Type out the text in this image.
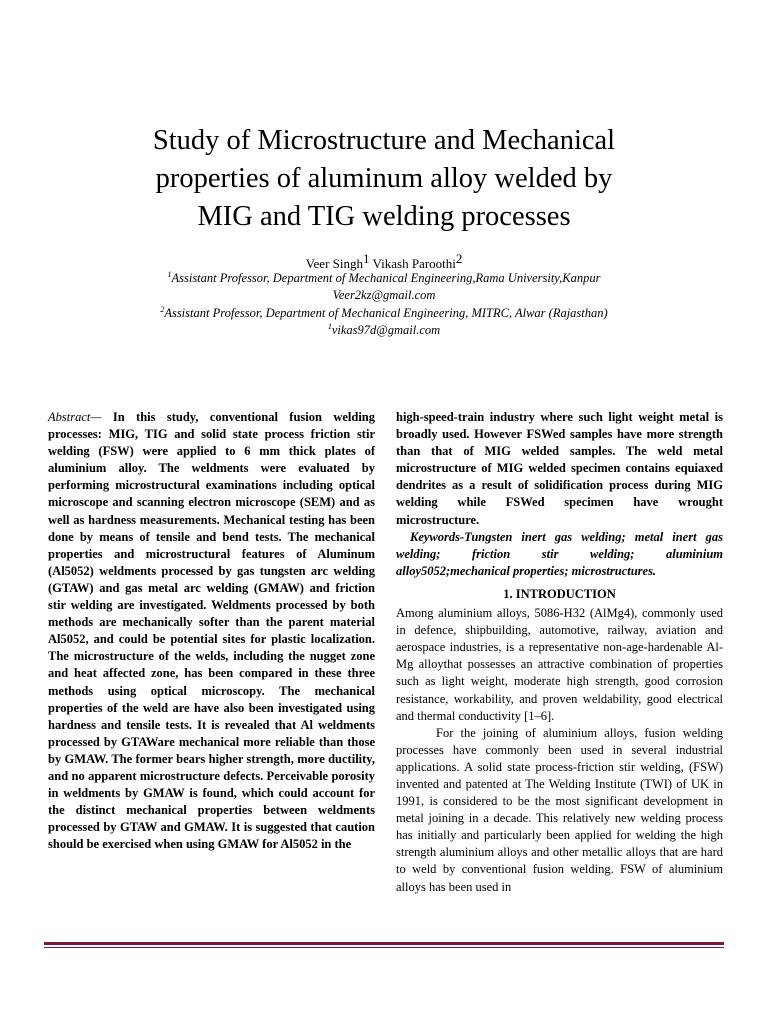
Study of Microstructure and Mechanical
properties of aluminum alloy welded by
MIG and TIG welding processes
Veer Singh1 Vikash Paroothi2
$^1$Assistant Professor, Department of Mechanical Engineering,Rama University,Kanpur
Veer2kz@gmail.com
$^2$Assistant Professor, Department of Mechanical Engineering, MITRC, Alwar (Rajasthan)
$^1$vikas97d@gmail.com

Abstract— In this study, conventional fusion welding processes: MIG, TIG and solid state process friction stir welding (FSW) were applied to 6 mm thick plates of aluminium alloy. The weldments were evaluated by performing microstructural examinations including optical microscope and scanning electron microscope (SEM) and as well as hardness measurements. Mechanical testing has been done by means of tensile and bend tests. The mechanical properties and microstructural features of Aluminum (Al5052) weldments processed by gas tungsten arc welding (GTAW) and gas metal arc welding (GMAW) and friction stir welding are investigated. Weldments processed by both methods are mechanically softer than the parent material Al5052, and could be potential sites for plastic localization. The microstructure of the welds, including the nugget zone and heat affected zone, has been compared in these three methods using optical microscopy. The mechanical properties of the weld are have also been investigated using hardness and tensile tests. It is revealed that Al weldments processed by GTAWare mechanical more reliable than those by GMAW. The former bears higher strength, more ductility, and no apparent microstructure defects. Perceivable porosity in weldments by GMAW is found, which could account for the distinct mechanical properties between weldments processed by GTAW and GMAW. It is suggested that caution should be exercised when using GMAW for Al5052 in the

high-speed-train industry where such light weight metal is broadly used. However FSWed samples have more strength than that of MIG welded samples. The weld metal microstructure of MIG welded specimen contains equiaxed dendrites as a result of solidification process during MIG welding while FSWed specimen have wrought microstructure.

Keywords-Tungsten inert gas welding; metal inert gas welding; friction stir welding; aluminium alloy5052;mechanical properties; microstructures.

1. INTRODUCTION

Among aluminium alloys, 5086-H32 (AlMg4), commonly used in defence, shipbuilding, automotive, railway, aviation and aerospace industries, is a representative non-age-hardenable Al-Mg alloythat possesses an attractive combination of properties such as light weight, moderate high strength, good corrosion resistance, workability, and proven weldability, good electrical and thermal conductivity [1–6].

For the joining of aluminium alloys, fusion welding processes have commonly been used in several industrial applications. A solid state process-friction stir welding, (FSW) invented and patented at The Welding Institute (TWI) of UK in 1991, is considered to be the most significant development in metal joining in a decade. This relatively new welding process has initially and particularly been applied for welding the high strength aluminium alloys and other metallic alloys that are hard to weld by conventional fusion welding. FSW of aluminium alloys has been used in
